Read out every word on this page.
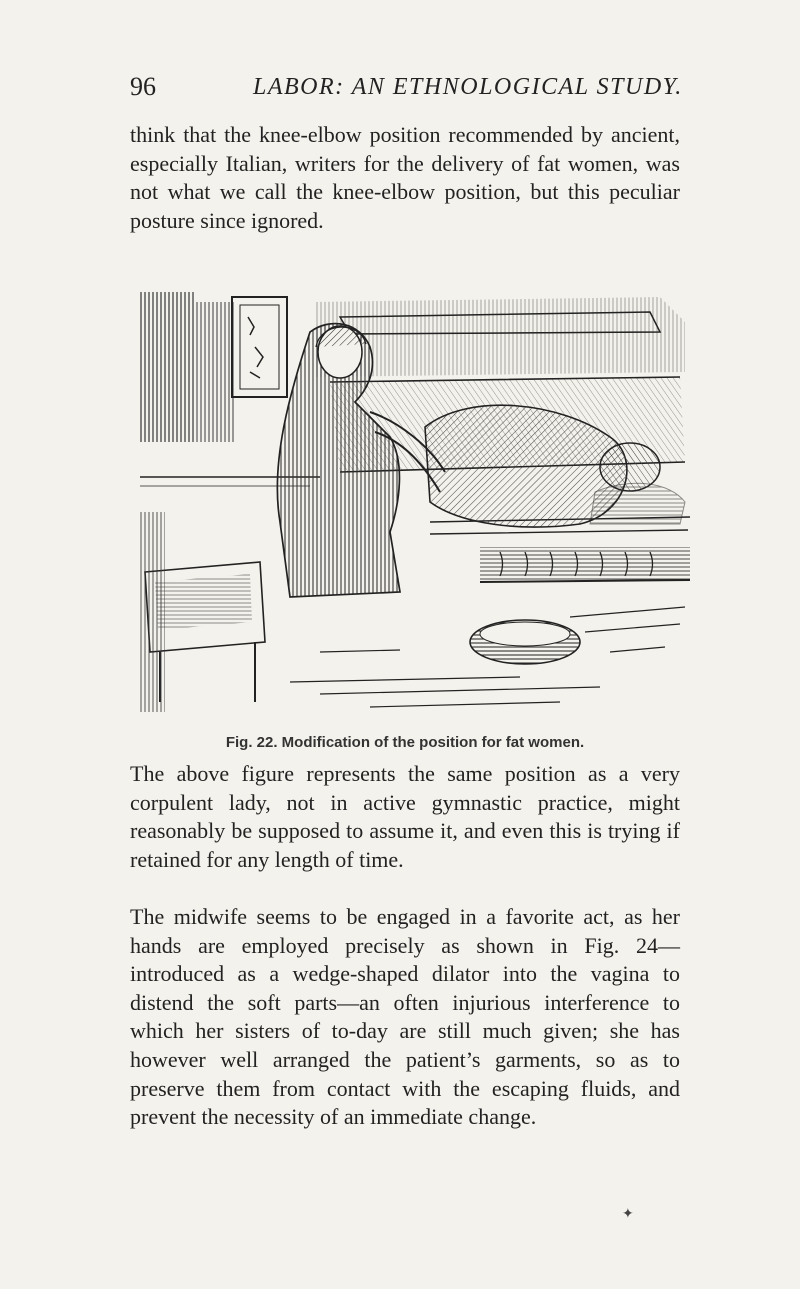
96	LABOR: AN ETHNOLOGICAL STUDY.

think that the knee-elbow position recommended by ancient, especially Italian, writers for the delivery of fat women, was not what we call the knee-elbow position, but this peculiar posture since ignored.

Fig. 22. Modification of the position for fat women.

The above figure represents the same position as a very corpulent lady, not in active gymnastic practice, might reasonably be supposed to assume it, and even this is trying if retained for any length of time.

The midwife seems to be engaged in a favorite act, as her hands are employed precisely as shown in Fig. 24—introduced as a wedge-shaped dilator into the vagina to distend the soft parts—an often injurious interference to which her sisters of to-day are still much given; she has however well arranged the patient’s garments, so as to preserve them from contact with the escaping fluids, and prevent the necessity of an immediate change.

✦
